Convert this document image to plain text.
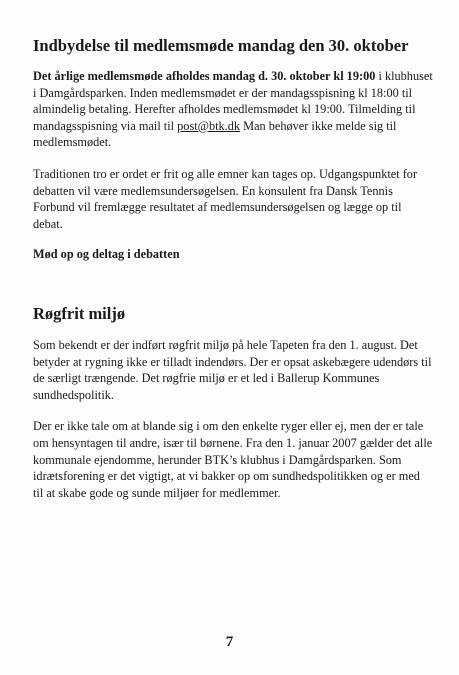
Indbydelse til medlemsmøde mandag den 30. oktober

Det årlige medlemsmøde afholdes mandag d. 30. oktober kl 19:00 i klubhuset i Damgårdsparken. Inden medlemsmødet er der mandagsspisning kl 18:00 til almindelig betaling. Herefter afholdes medlemsmødet kl 19:00. Tilmelding til mandagsspisning via mail til post@btk.dk Man behøver ikke melde sig til medlemsmødet.

Traditionen tro er ordet er frit og alle emner kan tages op. Udgangspunktet for debatten vil være medlemsundersøgelsen. En konsulent fra Dansk Tennis Forbund vil fremlægge resultatet af medlemsundersøgelsen og lægge op til debat.

Mød op og deltag i debatten

Røgfrit miljø

Som bekendt er der indført røgfrit miljø på hele Tapeten fra den 1. august. Det betyder at rygning ikke er tilladt indendørs. Der er opsat askebægere udendørs til de særligt trængende. Det røgfrie miljø er et led i Ballerup Kommunes sundhedspolitik.

Der er ikke tale om at blande sig i om den enkelte ryger eller ej, men der er tale om hensyntagen til andre, især til børnene. Fra den 1. januar 2007 gælder det alle kommunale ejendomme, herunder BTK’s klubhus i Damgårdsparken. Som idrætsforening er det vigtigt, at vi bakker op om sundhedspolitikken og er med til at skabe gode og sunde miljøer for medlemmer.

7
